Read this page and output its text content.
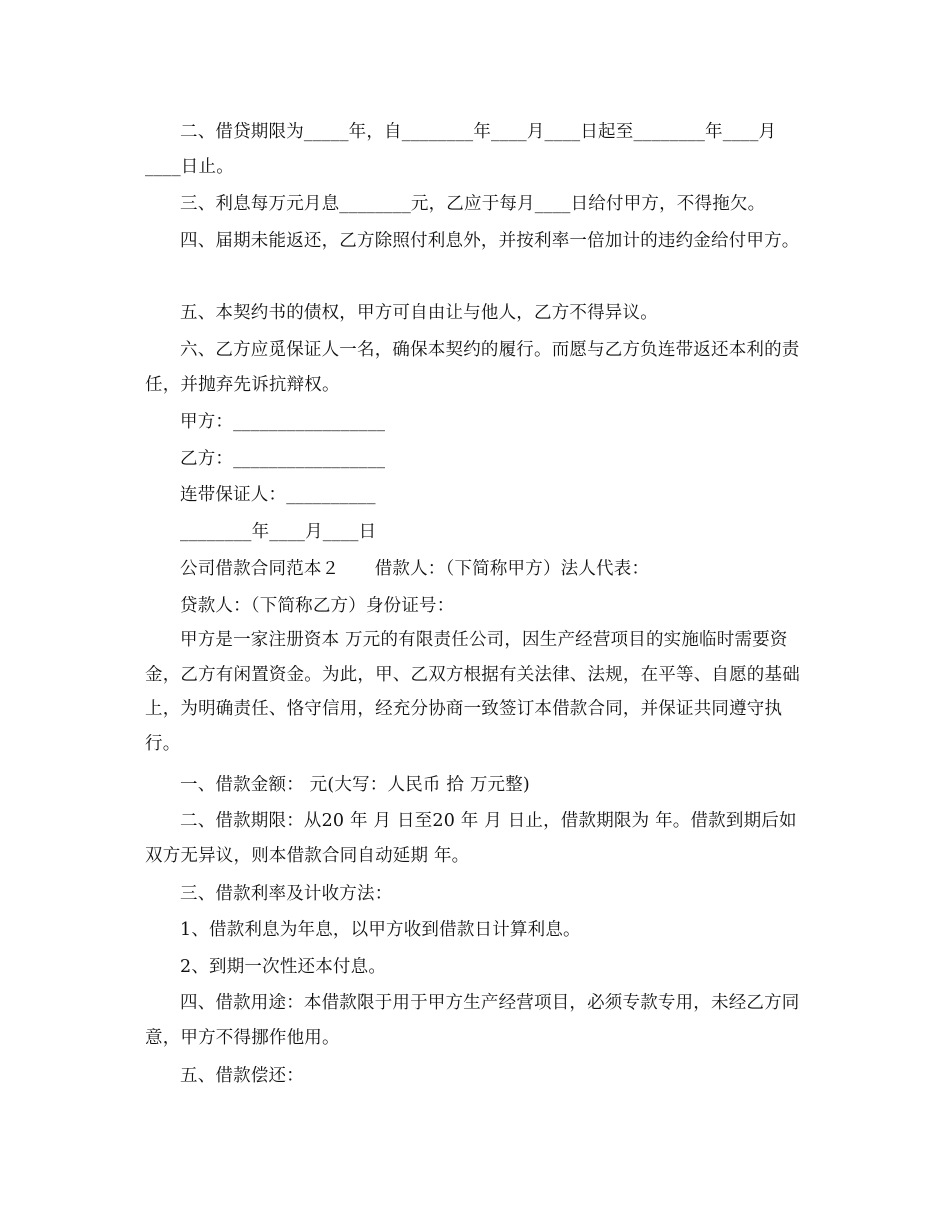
二、借贷期限为_____年，自________年____月____日起至________年____月____日止。

三、利息每万元月息________元，乙应于每月____日给付甲方，不得拖欠。

四、届期未能返还，乙方除照付利息外，并按利率一倍加计的违约金给付甲方。

五、本契约书的债权，甲方可自由让与他人，乙方不得异议。

六、乙方应觅保证人一名，确保本契约的履行。而愿与乙方负连带返还本利的责任，并抛弃先诉抗辩权。

甲方：_________________

乙方：_________________

连带保证人：__________

________年____月____日

公司借款合同范本２　　借款人：（下简称甲方）法人代表：

贷款人：（下简称乙方）身份证号：

甲方是一家注册资本 万元的有限责任公司，因生产经营项目的实施临时需要资金，乙方有闲置资金。为此，甲、乙双方根据有关法律、法规，在平等、自愿的基础上，为明确责任、恪守信用，经充分协商一致签订本借款合同，并保证共同遵守执行。

一、借款金额： 元(大写：人民币 拾 万元整)

二、借款期限：从20 年 月 日至20 年 月 日止，借款期限为 年。借款到期后如双方无异议，则本借款合同自动延期 年。

三、借款利率及计收方法：

1、借款利息为年息，以甲方收到借款日计算利息。

2、到期一次性还本付息。

四、借款用途：本借款限于用于甲方生产经营项目，必须专款专用，未经乙方同意，甲方不得挪作他用。

五、借款偿还：
